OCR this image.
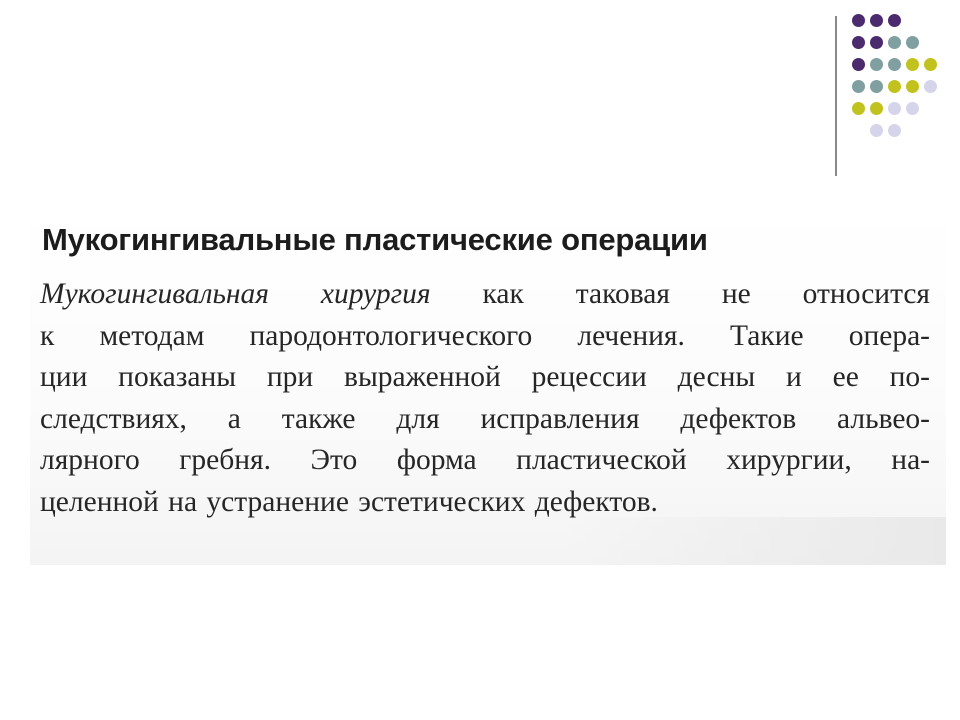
Мукогингивальные пластические операции
Мукогингивальная хирургия как таковая не относится
к методам пародонтологического лечения. Такие опера-
ции показаны при выраженной рецессии десны и ее по-
следствиях, а также для исправления дефектов альвео-
лярного гребня. Это форма пластической хирургии, на-
целенной на устранение эстетических дефектов.
